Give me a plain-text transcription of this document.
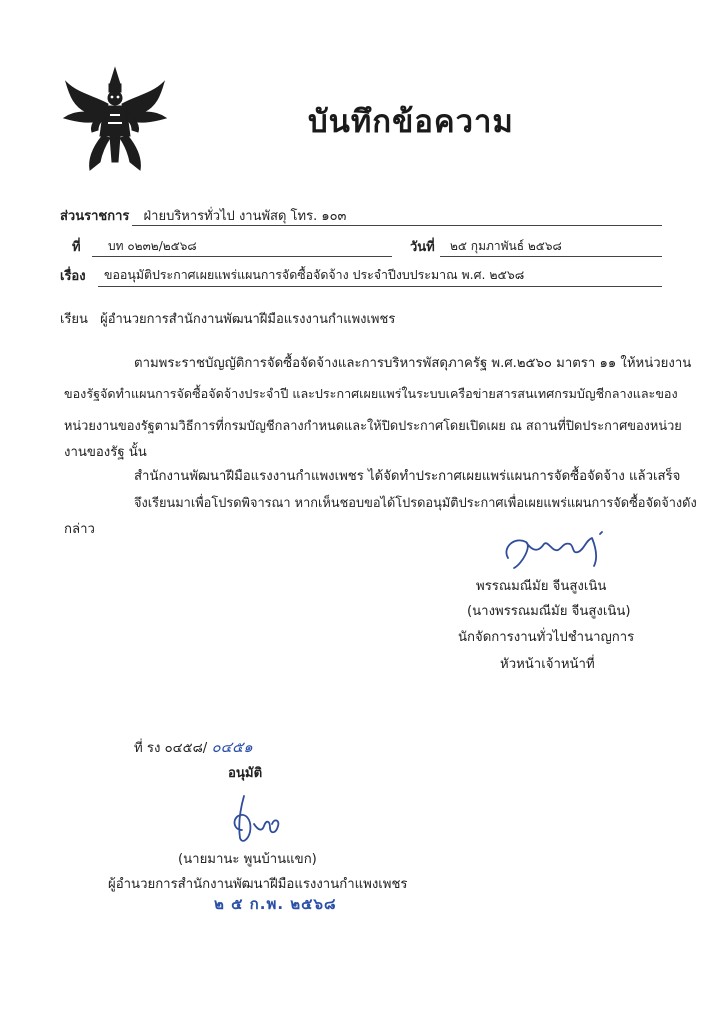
บันทึกข้อความ
ส่วนราชการ ฝ่ายบริหารทั่วไป งานพัสดุ โทร. ๑๐๓
ที่ บท ๐๒๓๒/๒๕๖๘	วันที่ ๒๕ กุมภาพันธ์ ๒๕๖๘
เรื่อง ขออนุมัติประกาศเผยแพร่แผนการจัดซื้อจัดจ้าง ประจำปีงบประมาณ พ.ศ. ๒๕๖๘
เรียน ผู้อำนวยการสำนักงานพัฒนาฝีมือแรงงานกำแพงเพชร
ตามพระราชบัญญัติการจัดซื้อจัดจ้างและการบริหารพัสดุภาครัฐ พ.ศ.๒๕๖๐ มาตรา ๑๑ ให้หน่วยงาน
ของรัฐจัดทำแผนการจัดซื้อจัดจ้างประจำปี และประกาศเผยแพร่ในระบบเครือข่ายสารสนเทศกรมบัญชีกลางและของ
หน่วยงานของรัฐตามวิธีการที่กรมบัญชีกลางกำหนดและให้ปิดประกาศโดยเปิดเผย ณ สถานที่ปิดประกาศของหน่วย
งานของรัฐ นั้น
สำนักงานพัฒนาฝีมือแรงงานกำแพงเพชร ได้จัดทำประกาศเผยแพร่แผนการจัดซื้อจัดจ้าง แล้วเสร็จ
จึงเรียนมาเพื่อโปรดพิจารณา หากเห็นชอบขอได้โปรดอนุมัติประกาศเพื่อเผยแพร่แผนการจัดซื้อจัดจ้างดัง
กล่าว
พรรณมณีมัย จีนสูงเนิน
(นางพรรณมณีมัย จีนสูงเนิน)
นักจัดการงานทั่วไปชำนาญการ
หัวหน้าเจ้าหน้าที่
ที่ รง ๐๔๕๘/ ๐๔๕๑
อนุมัติ
(นายมานะ พูนบ้านแขก)
ผู้อำนวยการสำนักงานพัฒนาฝีมือแรงงานกำแพงเพชร
๒ ๕ ก.พ. ๒๕๖๘
